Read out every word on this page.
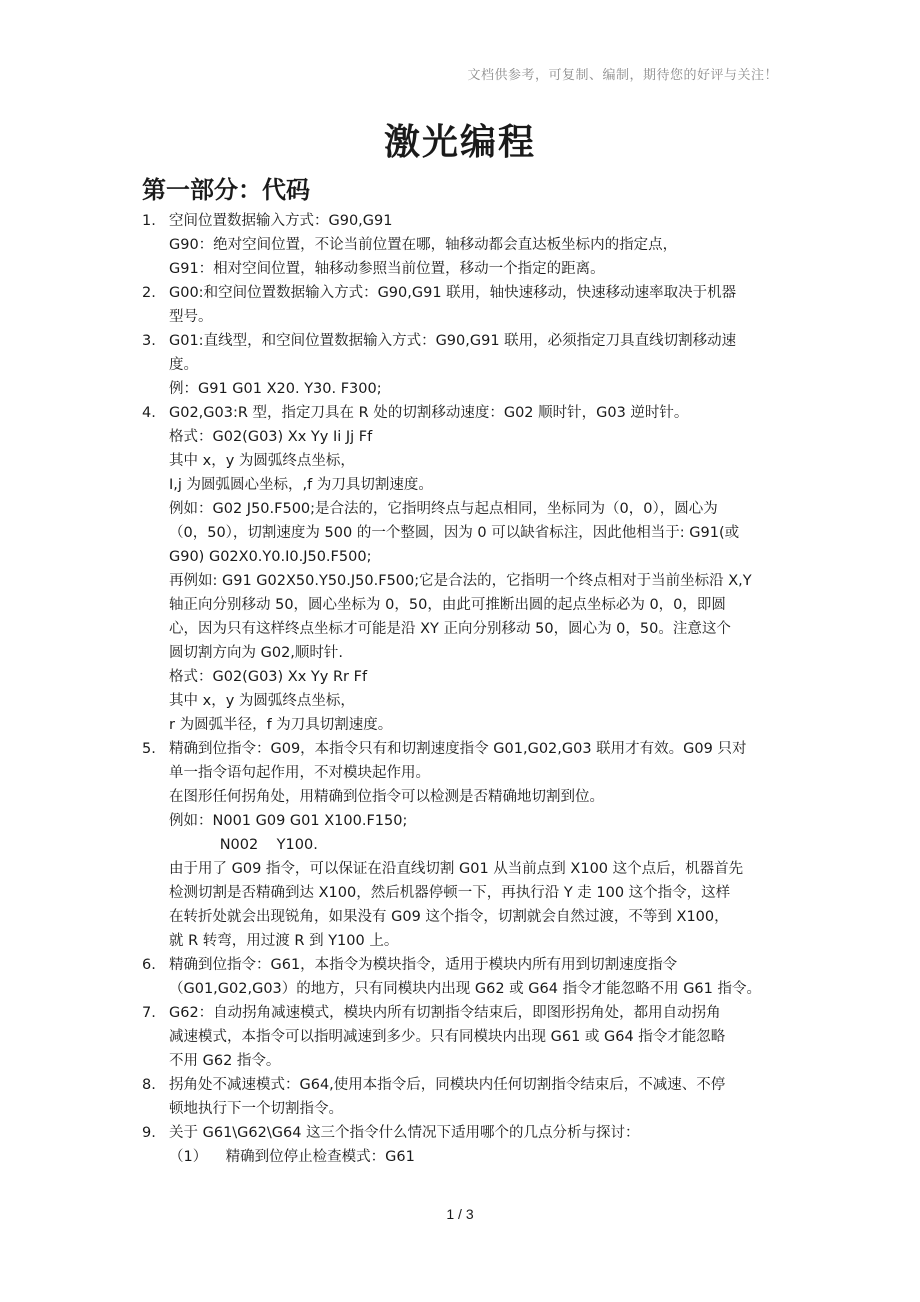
文档供参考，可复制、编制，期待您的好评与关注！
激光编程
第一部分：代码
1. 空间位置数据输入方式：G90,G91
G90：绝对空间位置，不论当前位置在哪，轴移动都会直达板坐标内的指定点，
G91：相对空间位置，轴移动参照当前位置，移动一个指定的距离。
2. G00:和空间位置数据输入方式：G90,G91 联用，轴快速移动，快速移动速率取决于机器
型号。
3. G01:直线型，和空间位置数据输入方式：G90,G91 联用，必须指定刀具直线切割移动速
度。
例：G91 G01 X20. Y30. F300;
4. G02,G03:R 型，指定刀具在 R 处的切割移动速度：G02 顺时针，G03 逆时针。
格式：G02(G03) Xx Yy Ii Jj Ff
其中 x，y 为圆弧终点坐标，
I,j 为圆弧圆心坐标，,f 为刀具切割速度。
例如：G02 J50.F500;是合法的，它指明终点与起点相同，坐标同为（0，0），圆心为
（0，50），切割速度为 500 的一个整圆，因为 0 可以缺省标注，因此他相当于: G91(或
G90) G02X0.Y0.I0.J50.F500;
再例如: G91 G02X50.Y50.J50.F500;它是合法的，它指明一个终点相对于当前坐标沿 X,Y
轴正向分别移动 50，圆心坐标为 0，50，由此可推断出圆的起点坐标必为 0，0，即圆
心，因为只有这样终点坐标才可能是沿 XY 正向分别移动 50，圆心为 0，50。注意这个
圆切割方向为 G02,顺时针.
格式：G02(G03) Xx Yy Rr Ff
其中 x，y 为圆弧终点坐标，
r 为圆弧半径，f 为刀具切割速度。
5. 精确到位指令：G09，本指令只有和切割速度指令 G01,G02,G03 联用才有效。G09 只对
单一指令语句起作用，不对模块起作用。
在图形任何拐角处，用精确到位指令可以检测是否精确地切割到位。
例如：N001 G09 G01 X100.F150;
N002    Y100.
由于用了 G09 指令，可以保证在沿直线切割 G01 从当前点到 X100 这个点后，机器首先
检测切割是否精确到达 X100，然后机器停顿一下，再执行沿 Y 走 100 这个指令，这样
在转折处就会出现锐角，如果没有 G09 这个指令，切割就会自然过渡，不等到 X100，
就 R 转弯，用过渡 R 到 Y100 上。
6. 精确到位指令：G61，本指令为模块指令，适用于模块内所有用到切割速度指令
（G01,G02,G03）的地方，只有同模块内出现 G62 或 G64 指令才能忽略不用 G61 指令。
7. G62：自动拐角减速模式，模块内所有切割指令结束后，即图形拐角处，都用自动拐角
减速模式，本指令可以指明减速到多少。只有同模块内出现 G61 或 G64 指令才能忽略
不用 G62 指令。
8. 拐角处不减速模式：G64,使用本指令后，同模块内任何切割指令结束后，不减速、不停
顿地执行下一个切割指令。
9. 关于 G61\G62\G64 这三个指令什么情况下适用哪个的几点分析与探讨：
（1）    精确到位停止检查模式：G61
1 / 3
